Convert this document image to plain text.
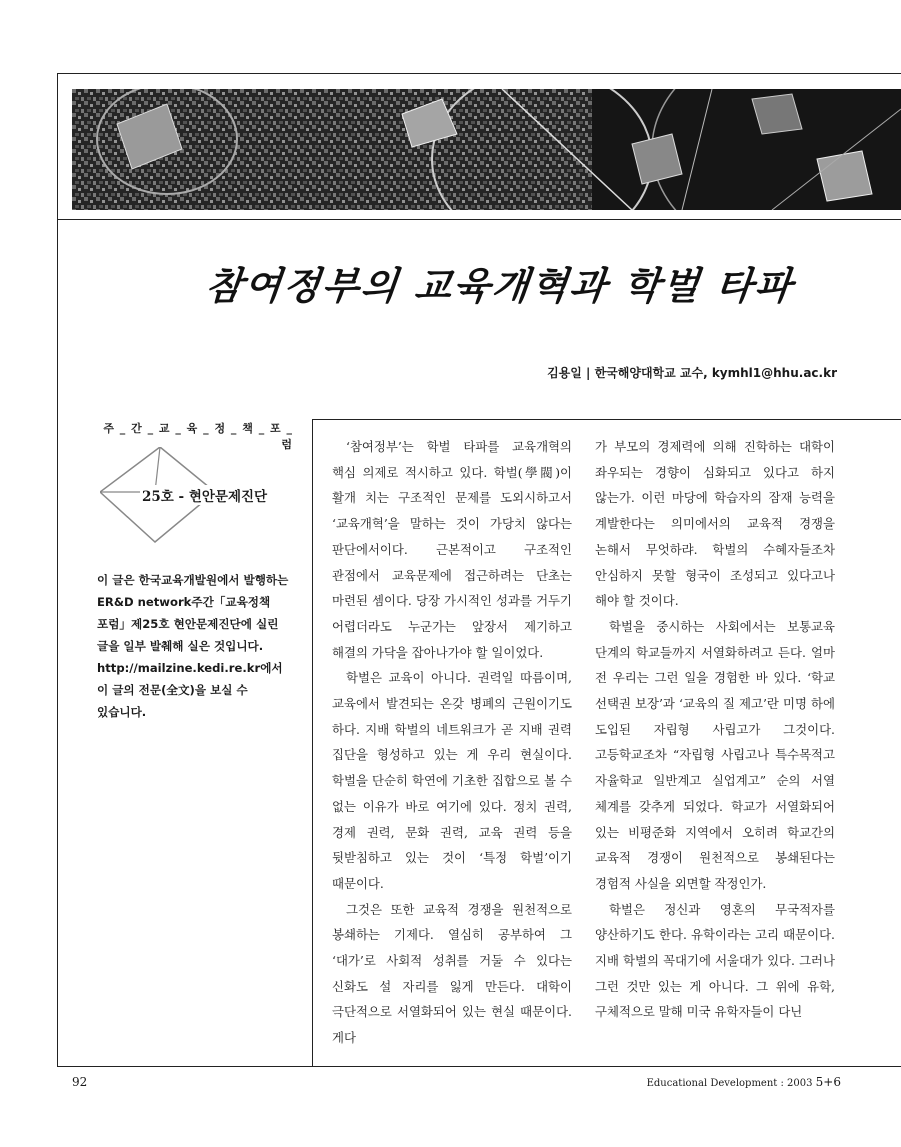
참여정부의 교육개혁과 학벌 타파
김용일 | 한국해양대학교 교수, kymhl1@hhu.ac.kr
주 _ 간 _ 교 _ 육 _ 정 _ 책 _ 포 _ 럼
25호 - 현안문제진단

이 글은 한국교육개발원에서 발행하는 ER&D network주간「교육정책 포럼」제25호 현안문제진단에 실린 글을 일부 발췌해 실은 것입니다.

http://mailzine.kedi.re.kr에서 이 글의 전문(全文)을 보실 수 있습니다.

‘참여정부’는 학벌 타파를 교육개혁의 핵심 의제로 적시하고 있다. 학벌(學閥)이 활개 치는 구조적인 문제를 도외시하고서 ‘교육개혁’을 말하는 것이 가당치 않다는 판단에서이다. 근본적이고 구조적인 관점에서 교육문제에 접근하려는 단초는 마련된 셈이다. 당장 가시적인 성과를 거두기 어렵더라도 누군가는 앞장서 제기하고 해결의 가닥을 잡아나가야 할 일이었다.

학벌은 교육이 아니다. 권력일 따름이며, 교육에서 발견되는 온갖 병폐의 근원이기도 하다. 지배 학벌의 네트워크가 곧 지배 권력 집단을 형성하고 있는 게 우리 현실이다. 학벌을 단순히 학연에 기초한 집합으로 볼 수 없는 이유가 바로 여기에 있다. 정치 권력, 경제 권력, 문화 권력, 교육 권력 등을 뒷받침하고 있는 것이 ‘특정 학벌’이기 때문이다.

그것은 또한 교육적 경쟁을 원천적으로 봉쇄하는 기제다. 열심히 공부하여 그 ‘대가’로 사회적 성취를 거둘 수 있다는 신화도 설 자리를 잃게 만든다. 대학이 극단적으로 서열화되어 있는 현실 때문이다. 게다

가 부모의 경제력에 의해 진학하는 대학이 좌우되는 경향이 심화되고 있다고 하지 않는가. 이런 마당에 학습자의 잠재 능력을 계발한다는 의미에서의 교육적 경쟁을 논해서 무엇하랴. 학벌의 수혜자들조차 안심하지 못할 형국이 조성되고 있다고나 해야 할 것이다.

학벌을 중시하는 사회에서는 보통교육 단계의 학교들까지 서열화하려고 든다. 얼마 전 우리는 그런 일을 경험한 바 있다. ‘학교 선택권 보장’과 ‘교육의 질 제고’란 미명 하에 도입된 자립형 사립고가 그것이다. 고등학교조차 “자립형 사립고나 특수목적고 자율학교 일반계고 실업계고” 순의 서열 체계를 갖추게 되었다. 학교가 서열화되어 있는 비평준화 지역에서 오히려 학교간의 교육적 경쟁이 원천적으로 봉쇄된다는 경험적 사실을 외면할 작정인가.

학벌은 정신과 영혼의 무국적자를 양산하기도 한다. 유학이라는 고리 때문이다. 지배 학벌의 꼭대기에 서울대가 있다. 그러나 그런 것만 있는 게 아니다. 그 위에 유학, 구체적으로 말해 미국 유학자들이 다닌

92	Educational Development : 2003 5+6
